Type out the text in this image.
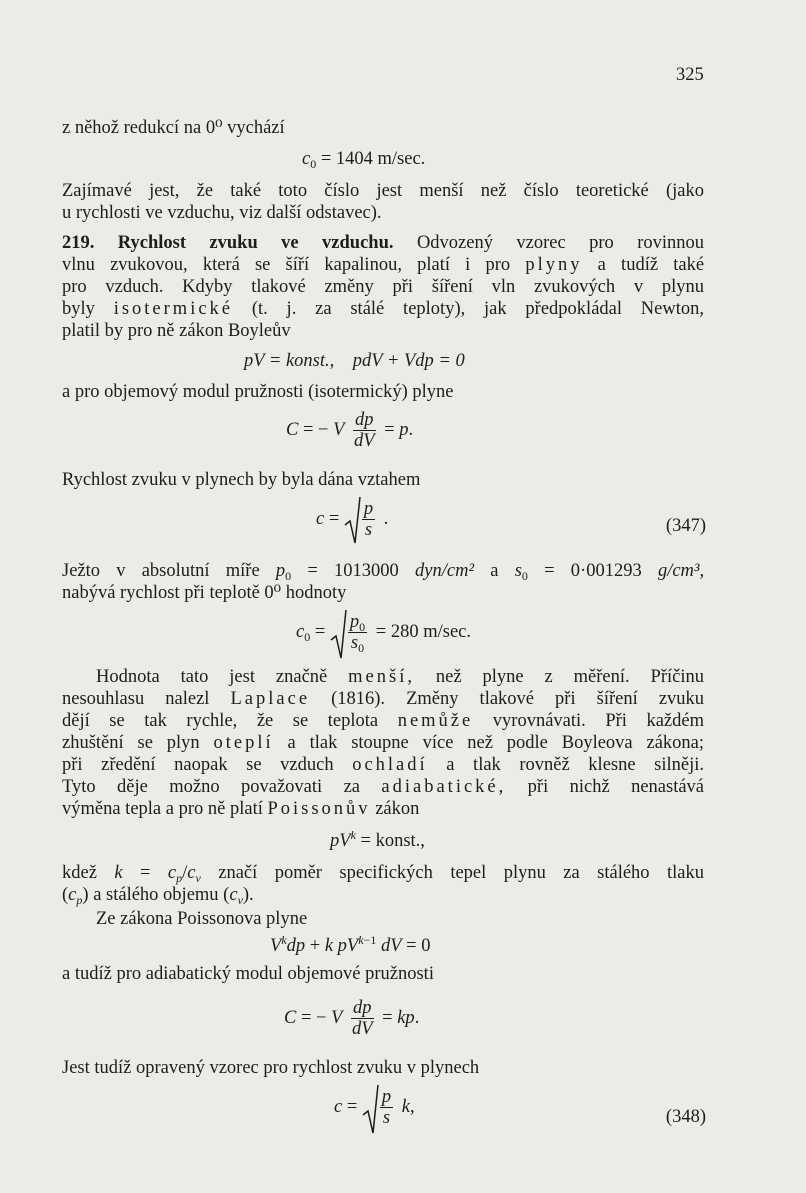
325
z něhož redukcí na 0⁰ vychází
$c_0 = 1404$ m/sec.
Zajímavé jest, že také toto číslo jest menší než číslo teoretické (jako
u rychlosti ve vzduchu, viz další odstavec).
219. Rychlost zvuku ve vzduchu. Odvozený vzorec pro rovinnou
vlnu zvukovou, která se šíří kapalinou, platí i pro plyny a tudíž také
pro vzduch. Kdyby tlakové změny při šíření vln zvukových v plynu
byly isotermické (t. j. za stálé teploty), jak předpokládal Newton,
platil by pro ně zákon Boyleův
pV = konst., pdV + Vdp = 0
a pro objemový modul pružnosti (isotermický) plyne
C = − V $\frac{dp}{dV} = p$.
Rychlost zvuku v plynech by byla dána vztahem
$c = \frac{p}{s}$ .	(347)
Ježto v absolutní míře $p_0 = 1013000$ dyn/cm² a $s_0 = 0\cdot 001293$ g/cm³,
nabývá rychlost při teplotě 0⁰ hodnoty
$c_0 = \frac{p_0}{s_0} = 280$ m/sec.
Hodnota tato jest značně menší, než plyne z měření. Příčinu
nesouhlasu nalezl Laplace (1816). Změny tlakové při šíření zvuku
dějí se tak rychle, že se teplota nemůže vyrovnávati. Při každém
zhuštění se plyn oteplí a tlak stoupne více než podle Boyleova zákona;
při zředění naopak se vzduch ochladí a tlak rovněž klesne silněji.
Tyto děje možno považovati za adiabatické, při nichž nenastává
výměna tepla a pro ně platí Poissonův zákon
$pV^k$ = konst.,
kdež $k = c_p/c_v$ značí poměr specifických tepel plynu za stálého tlaku
$(c_p)$ a stálého objemu $(c_v)$.
Ze zákona Poissonova plyne
$V^kdp + k$ $pV^{k-1}$ dV = 0
a tudíž pro adiabatický modul objemové pružnosti
C = − V $\frac{dp}{dV}$ = kp.
Jest tudíž opravený vzorec pro rychlost zvuku v plynech
$c = \frac{p}{s} k$,
(348)
